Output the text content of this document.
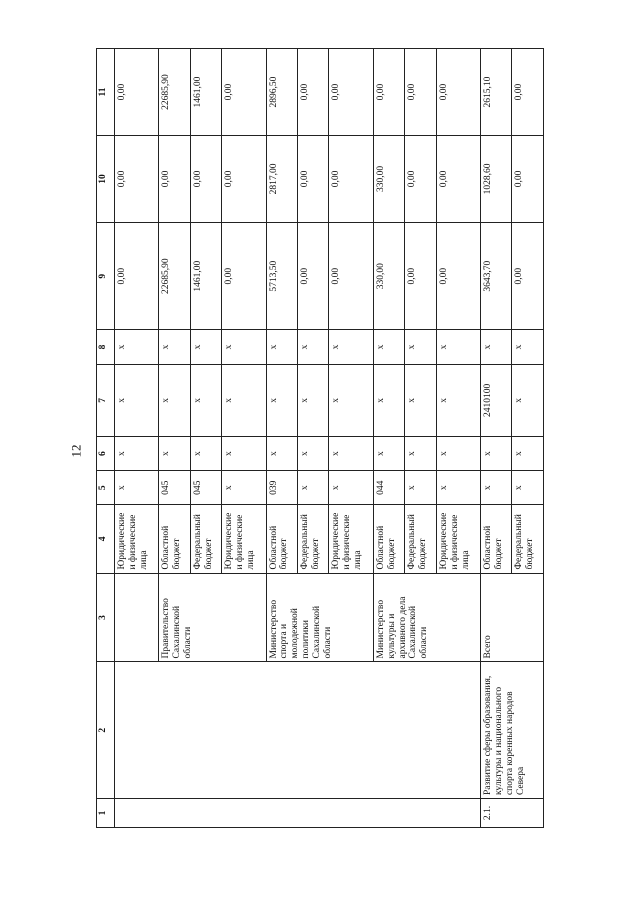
12
1	2	3	4	5	6	7	8	9	10	11
			Юридические и физические лица	x	x	x	x	0,00	0,00	0,00
		Правительство Сахалинской области	Областной бюджет	045	x	x	x	22685,90	0,00	22685,90
			Федеральный бюджет	045	x	x	x	1461,00	0,00	1461,00
			Юридические и физические лица	x	x	x	x	0,00	0,00	0,00
		Министерство спорта и молодежной политики Сахалинской области	Областной бюджет	039	x	x	x	5713,50	2817,00	2896,50
			Федеральный бюджет	x	x	x	x	0,00	0,00	0,00
			Юридические и физические лица	x	x	x	x	0,00	0,00	0,00
		Министерство культуры и архивного дела Сахалинской области	Областной бюджет	044	x	x	x	330,00	330,00	0,00
			Федеральный бюджет	x	x	x	x	0,00	0,00	0,00
			Юридические и физические лица	x	x	x	x	0,00	0,00	0,00
2.1.	Развитие сферы образования, культуры и национального спорта коренных народов Севера	Всего	Областной бюджет	x	x	2410100	x	3643,70	1028,60	2615,10
			Федеральный бюджет	x	x	x	x	0,00	0,00	0,00
